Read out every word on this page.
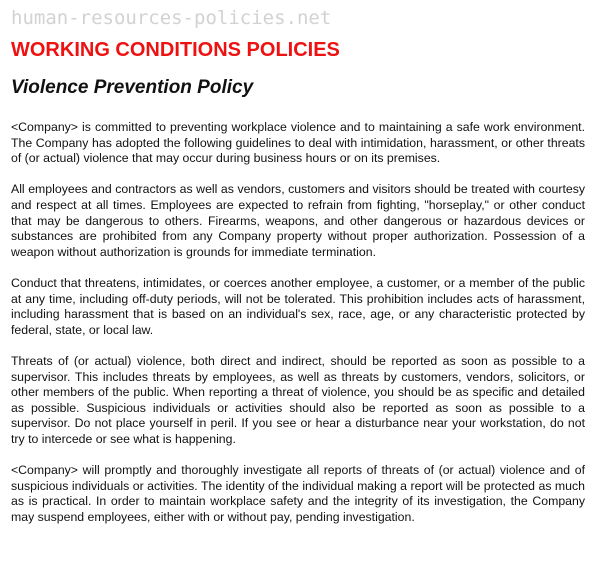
human-resources-policies.net
WORKING CONDITIONS POLICIES
Violence Prevention Policy

<Company> is committed to preventing workplace violence and to maintaining a safe work environment. The Company has adopted the following guidelines to deal with intimidation, harassment, or other threats of (or actual) violence that may occur during business hours or on its premises.

All employees and contractors as well as vendors, customers and visitors should be treated with courtesy and respect at all times. Employees are expected to refrain from fighting, "horseplay," or other conduct that may be dangerous to others. Firearms, weapons, and other dangerous or hazardous devices or substances are prohibited from any Company property without proper authorization. Possession of a weapon without authorization is grounds for immediate termination.

Conduct that threatens, intimidates, or coerces another employee, a customer, or a member of the public at any time, including off-duty periods, will not be tolerated. This prohibition includes acts of harassment, including harassment that is based on an individual's sex, race, age, or any characteristic protected by federal, state, or local law.

Threats of (or actual) violence, both direct and indirect, should be reported as soon as possible to a supervisor. This includes threats by employees, as well as threats by customers, vendors, solicitors, or other members of the public. When reporting a threat of violence, you should be as specific and detailed as possible. Suspicious individuals or activities should also be reported as soon as possible to a supervisor. Do not place yourself in peril. If you see or hear a disturbance near your workstation, do not try to intercede or see what is happening.

<Company> will promptly and thoroughly investigate all reports of threats of (or actual) violence and of suspicious individuals or activities. The identity of the individual making a report will be protected as much as is practical. In order to maintain workplace safety and the integrity of its investigation, the Company may suspend employees, either with or without pay, pending investigation.
